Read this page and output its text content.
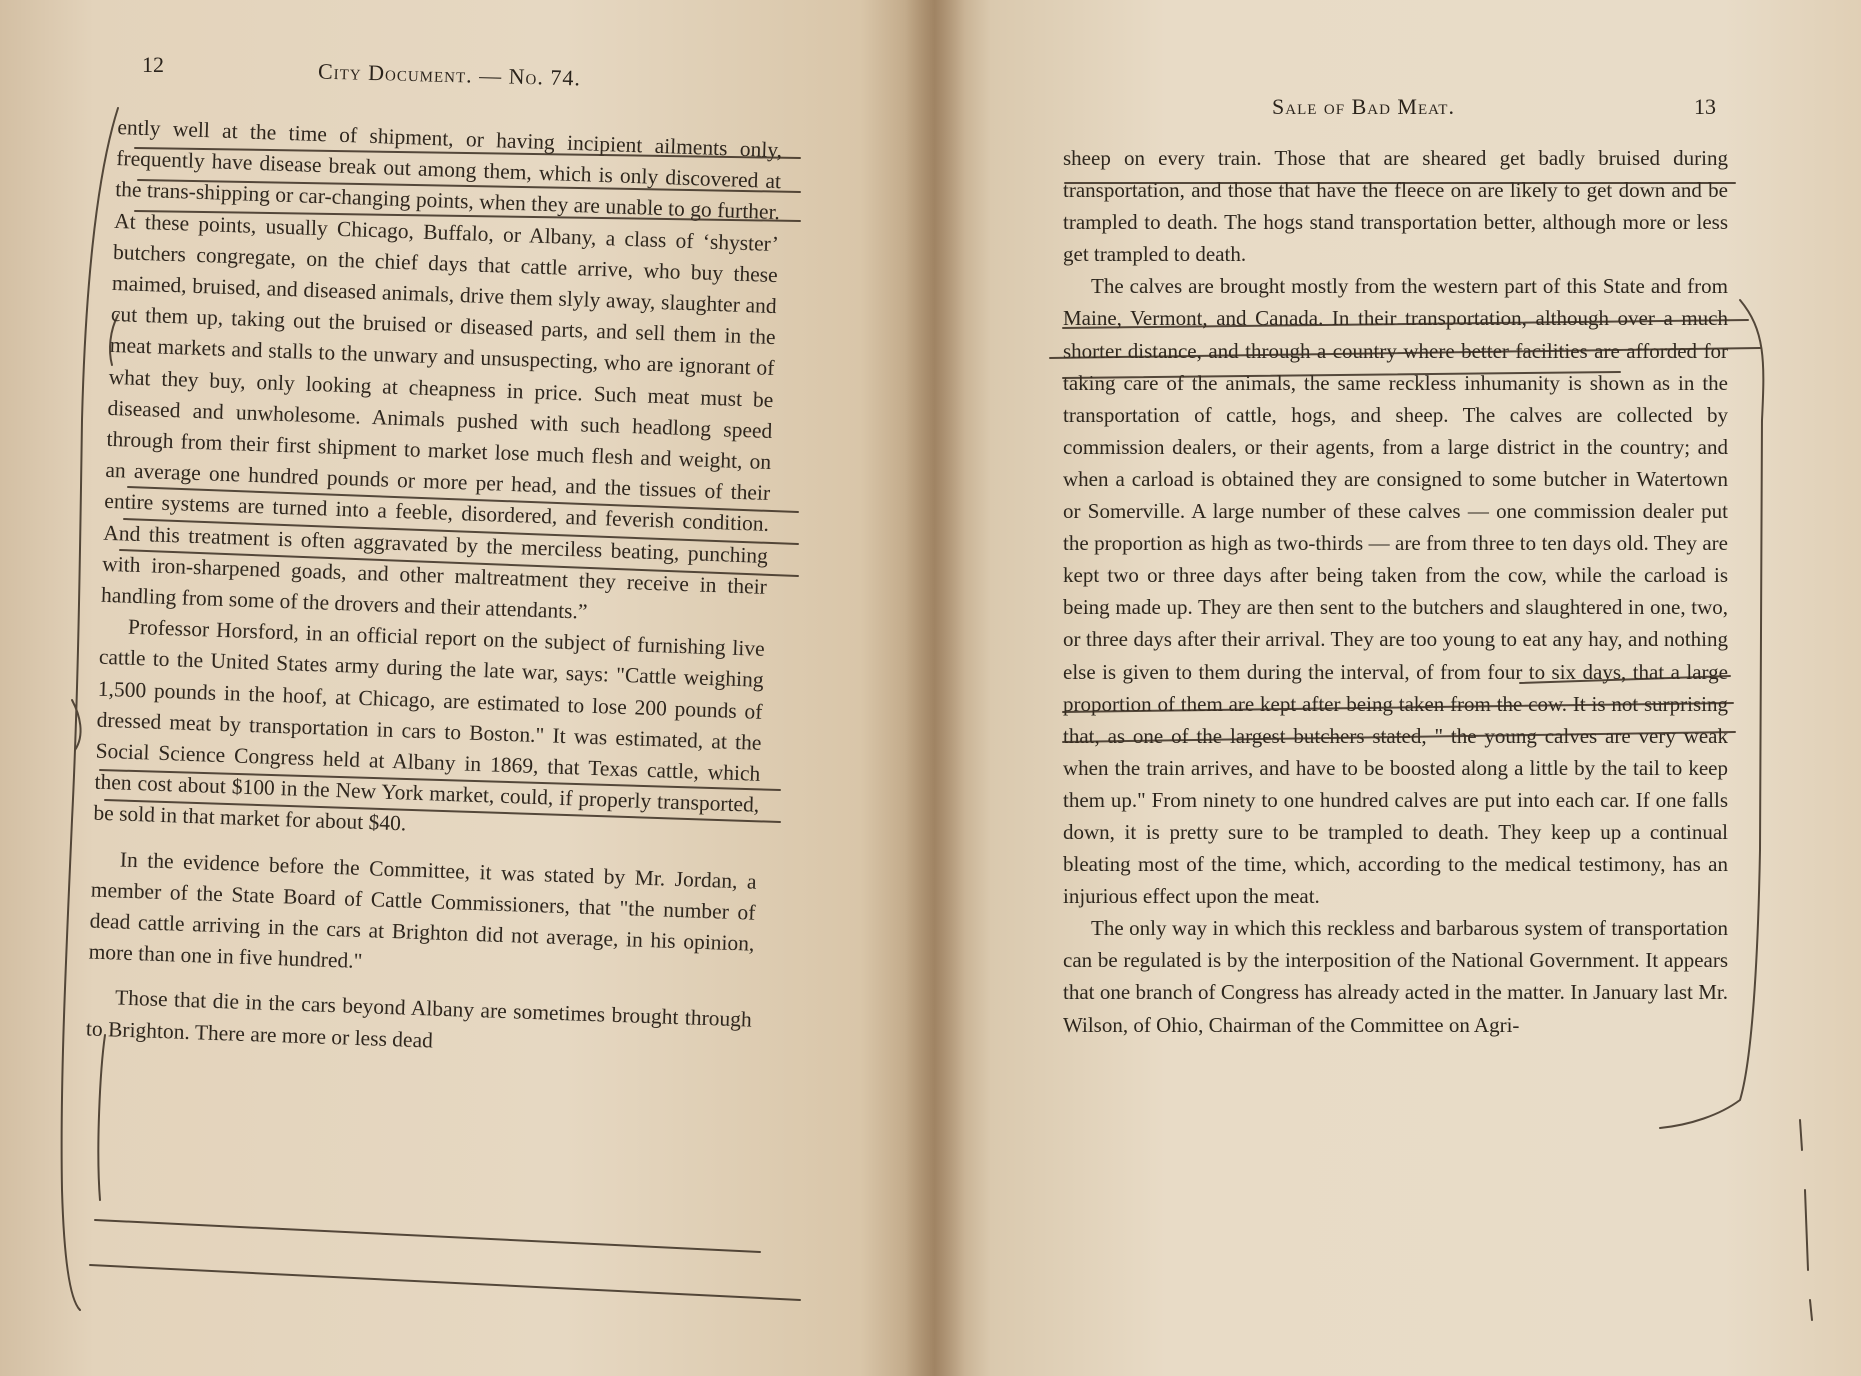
12	City Document. — No. 74.

ently well at the time of shipment, or having incipient ailments only, frequently have disease break out among them, which is only discovered at the trans-shipping or car-changing points, when they are unable to go further. At these points, usually Chicago, Buffalo, or Albany, a class of ‘shyster’ butchers congregate, on the chief days that cattle arrive, who buy these maimed, bruised, and diseased animals, drive them slyly away, slaughter and cut them up, taking out the bruised or diseased parts, and sell them in the meat markets and stalls to the unwary and unsuspecting, who are ignorant of what they buy, only looking at cheapness in price. Such meat must be diseased and unwholesome. Animals pushed with such headlong speed through from their first shipment to market lose much flesh and weight, on an average one hundred pounds or more per head, and the tissues of their entire systems are turned into a feeble, disordered, and feverish condition. And this treatment is often aggravated by the merciless beating, punching with iron-sharpened goads, and other maltreatment they receive in their handling from some of the drovers and their attendants.”

Professor Horsford, in an official report on the subject of furnishing live cattle to the United States army during the late war, says: "Cattle weighing 1,500 pounds in the hoof, at Chicago, are estimated to lose 200 pounds of dressed meat by transportation in cars to Boston." It was estimated, at the Social Science Congress held at Albany in 1869, that Texas cattle, which then cost about $100 in the New York market, could, if properly transported, be sold in that market for about $40.

In the evidence before the Committee, it was stated by Mr. Jordan, a member of the State Board of Cattle Commissioners, that "the number of dead cattle arriving in the cars at Brighton did not average, in his opinion, more than one in five hundred."

Those that die in the cars beyond Albany are sometimes brought through to Brighton. There are more or less dead

Sale of Bad Meat.	13

sheep on every train. Those that are sheared get badly bruised during transportation, and those that have the fleece on are likely to get down and be trampled to death. The hogs stand transportation better, although more or less get trampled to death.

The calves are brought mostly from the western part of this State and from Maine, Vermont, and Canada. In their transportation, although over a much shorter distance, and through a country where better facilities are afforded for taking care of the animals, the same reckless inhumanity is shown as in the transportation of cattle, hogs, and sheep. The calves are collected by commission dealers, or their agents, from a large district in the country; and when a carload is obtained they are consigned to some butcher in Watertown or Somerville. A large number of these calves — one commission dealer put the proportion as high as two-thirds — are from three to ten days old. They are kept two or three days after being taken from the cow, while the carload is being made up. They are then sent to the butchers and slaughtered in one, two, or three days after their arrival. They are too young to eat any hay, and nothing else is given to them during the interval, of from four to six days, that a large proportion of them are kept after being taken from the cow. It is not surprising that, as one of the largest butchers stated, " the young calves are very weak when the train arrives, and have to be boosted along a little by the tail to keep them up." From ninety to one hundred calves are put into each car. If one falls down, it is pretty sure to be trampled to death. They keep up a continual bleating most of the time, which, according to the medical testimony, has an injurious effect upon the meat.

The only way in which this reckless and barbarous system of transportation can be regulated is by the interposition of the National Government. It appears that one branch of Congress has already acted in the matter. In January last Mr. Wilson, of Ohio, Chairman of the Committee on Agri-
